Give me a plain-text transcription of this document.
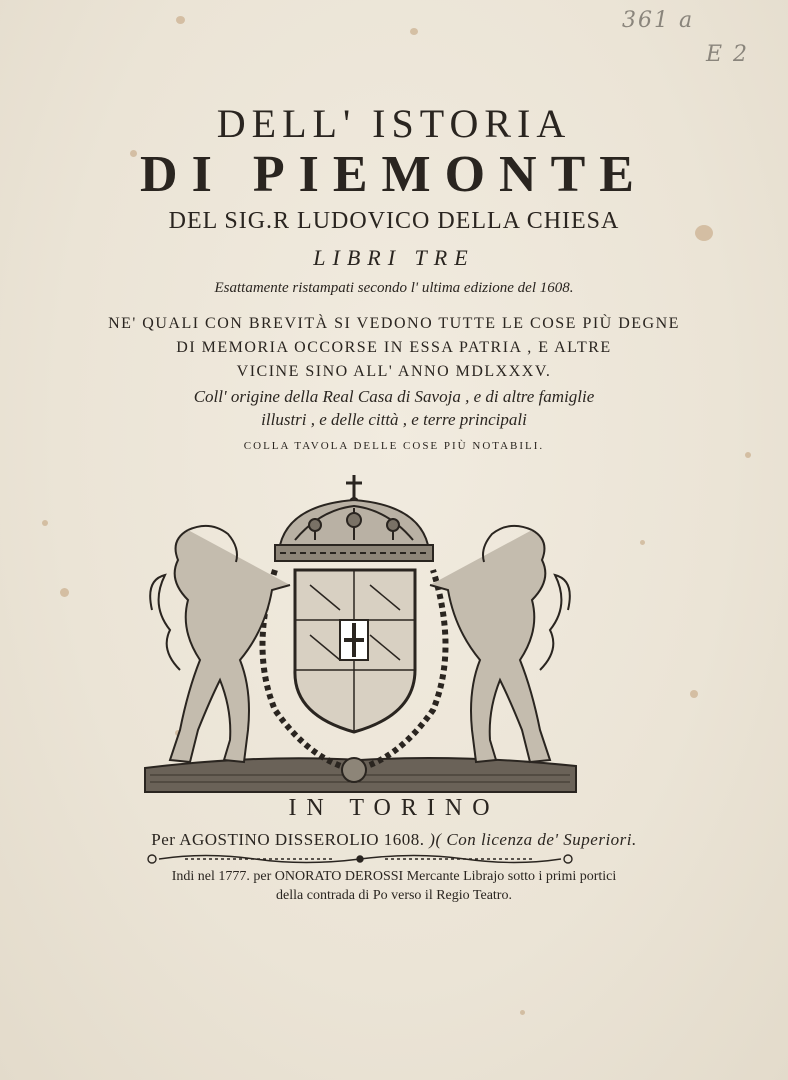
361 a
E 2
DELL' ISTORIA
DI PIEMONTE
DEL SIG.R LUDOVICO DELLA CHIESA
LIBRI TRE
Esattamente ristampati secondo l' ultima edizione del 1608.
NE' QUALI CON BREVITÀ SI VEDONO TUTTE LE COSE PIÙ DEGNE
DI MEMORIA OCCORSE IN ESSA PATRIA , E ALTRE
VICINE SINO ALL' ANNO MDLXXXV.
Coll' origine della Real Casa di Savoja , e di altre famiglie
illustri , e delle città , e terre principali
COLLA TAVOLA DELLE COSE PIÙ NOTABILI.
IN TORINO
Per AGOSTINO DISSEROLIO 1608. )( Con licenza de' Superiori.
Indi nel 1777. per ONORATO DEROSSI Mercante Librajo sotto i primi portici
della contrada di Po verso il Regio Teatro.
